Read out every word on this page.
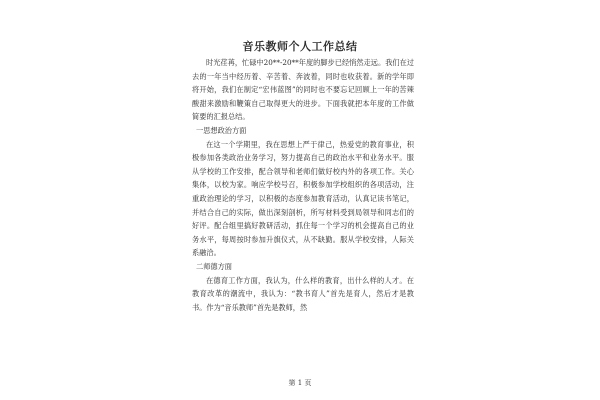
音乐教师个人工作总结

时光荏苒，忙碌中20**-20**年度的脚步已经悄然走远。我们在过去的一年当中经历着、辛苦着、奔波着，同时也收获着。新的学年即将开始，我们在制定“宏伟蓝图”的同时也不要忘记回顾上一年的苦辣酸甜来激励和鞭策自己取得更大的进步。下面我就把本年度的工作做简要的汇报总结。

一思想政治方面

在这一个学期里，我在思想上严于律己，热爱党的教育事业，积极参加各类政治业务学习，努力提高自己的政治水平和业务水平。服从学校的工作安排，配合领导和老师们做好校内外的各项工作。关心集体，以校为家。响应学校号召，积极参加学校组织的各项活动，注重政治理论的学习，以积极的态度参加教育活动，认真记读书笔记，并结合自己的实际，做出深刻剖析，所写材料受到局领导和同志们的好评。配合组里搞好教研活动，抓住每一个学习的机会提高自己的业务水平，每周按时参加升旗仪式，从不缺勤。服从学校安排，人际关系融洽。

二师德方面

在德育工作方面，我认为，什么样的教育，出什么样的人才。在教育改革的潮流中，我认为：“教书育人”首先是育人，然后才是教书。作为“音乐教师”首先是教师，然

第 1 页
